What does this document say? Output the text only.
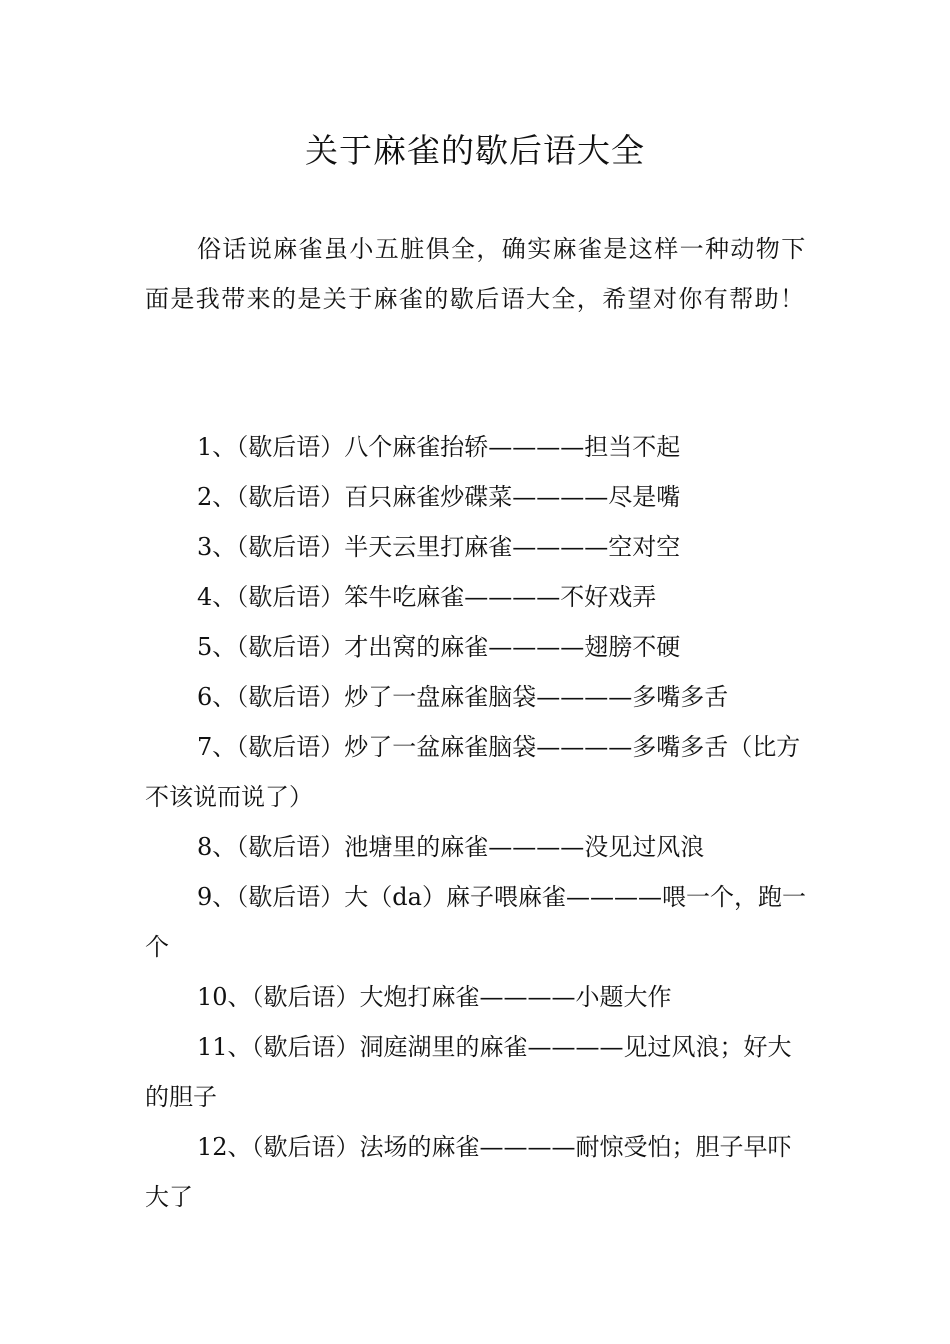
关于麻雀的歇后语大全

俗话说麻雀虽小五脏俱全，确实麻雀是这样一种动物下面是我带来的是关于麻雀的歇后语大全，希望对你有帮助！

1、（歇后语）八个麻雀抬轿————担当不起
2、（歇后语）百只麻雀炒碟菜————尽是嘴
3、（歇后语）半天云里打麻雀————空对空
4、（歇后语）笨牛吃麻雀————不好戏弄
5、（歇后语）才出窝的麻雀————翅膀不硬
6、（歇后语）炒了一盘麻雀脑袋————多嘴多舌
7、（歇后语）炒了一盆麻雀脑袋————多嘴多舌（比方不该说而说了）
8、（歇后语）池塘里的麻雀————没见过风浪
9、（歇后语）大（da）麻子喂麻雀————喂一个，跑一个
10、（歇后语）大炮打麻雀————小题大作
11、（歇后语）洞庭湖里的麻雀————见过风浪；好大的胆子
12、（歇后语）法场的麻雀————耐惊受怕；胆子早吓大了
